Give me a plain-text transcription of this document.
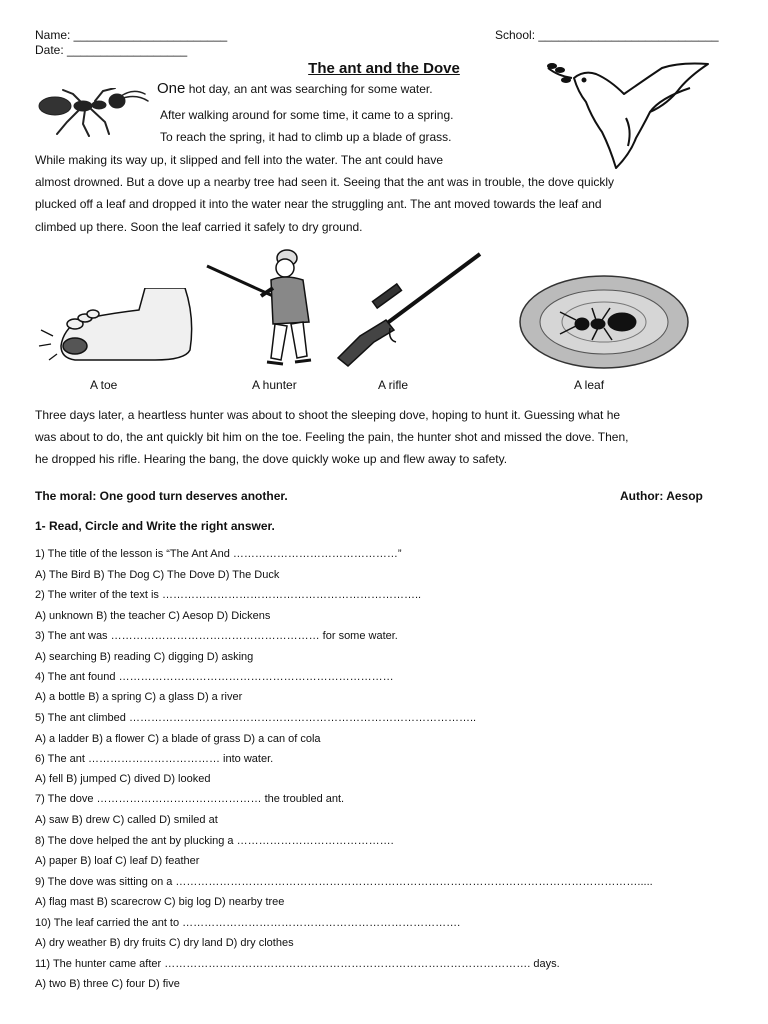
Name: _______________________
Date: __________________
School: ___________________________
The ant and the Dove
One hot day, an ant was searching for some water.
After walking around for some time, it came to a spring.
To reach the spring, it had to climb up a blade of grass.
While making its way up, it slipped and fell into the water. The ant could have
almost drowned. But a dove up a nearby tree had seen it. Seeing that the ant was in trouble, the dove quickly
plucked off a leaf and dropped it into the water near the struggling ant. The ant moved towards the leaf and
climbed up there. Soon the leaf carried it safely to dry ground.
A toe	A hunter	A rifle	A leaf
Three days later, a heartless hunter was about to shoot the sleeping dove, hoping to hunt it. Guessing what he
was about to do, the ant quickly bit him on the toe. Feeling the pain, the hunter shot and missed the dove. Then,
he dropped his rifle. Hearing the bang, the dove quickly woke up and flew away to safety.
The moral: One good turn deserves another.	Author: Aesop
1- Read, Circle and Write the right answer.
1) The title of the lesson is “The Ant And ………………………………………”
A) The Bird B) The Dog C) The Dove D) The Duck
2) The writer of the text is ……………………………………………………………..
A) unknown B) the teacher C) Aesop D) Dickens
3) The ant was ………………………………………………… for some water.
A) searching B) reading C) digging D) asking
4) The ant found …………………………………………………………………
A) a bottle B) a spring C) a glass D) a river
5) The ant climbed …………………………………………………………………………………..
A) a ladder B) a flower C) a blade of grass D) a can of cola
6) The ant ……………………………… into water.
A) fell B) jumped C) dived D) looked
7) The dove ……………………………………… the troubled ant.
A) saw B) drew C) called D) smiled at
8) The dove helped the ant by plucking a …………………………………….
A) paper B) loaf C) leaf D) feather
9) The dove was sitting on a ……………………………………………………………………………………………………………….....
A) flag mast B) scarecrow C) big log D) nearby tree
10) The leaf carried the ant to ………………………………………………………………….
A) dry weather B) dry fruits C) dry land D) dry clothes
11) The hunter came after ………………………………………………………………………………………. days.
A) two B) three C) four D) five
